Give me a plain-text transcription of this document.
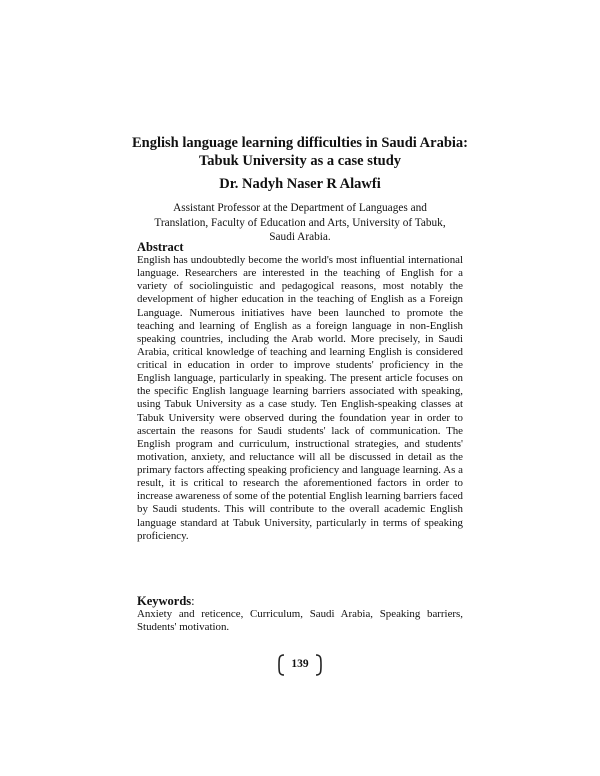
English language learning difficulties in Saudi Arabia:
Tabuk University as a case study
Dr. Nadyh Naser R Alawfi
Assistant Professor at the Department of Languages and
Translation, Faculty of Education and Arts, University of Tabuk,
Saudi Arabia.
Abstract

English has undoubtedly become the world's most influential international language. Researchers are interested in the teaching of English for a variety of sociolinguistic and pedagogical reasons, most notably the development of higher education in the teaching of English as a Foreign Language. Numerous initiatives have been launched to promote the teaching and learning of English as a foreign language in non-English speaking countries, including the Arab world. More precisely, in Saudi Arabia, critical knowledge of teaching and learning English is considered critical in education in order to improve students' proficiency in the English language, particularly in speaking. The present article focuses on the specific English language learning barriers associated with speaking, using Tabuk University as a case study. Ten English-speaking classes at Tabuk University were observed during the foundation year in order to ascertain the reasons for Saudi students' lack of communication. The English program and curriculum, instructional strategies, and students' motivation, anxiety, and reluctance will all be discussed in detail as the primary factors affecting speaking proficiency and language learning. As a result, it is critical to research the aforementioned factors in order to increase awareness of some of the potential English learning barriers faced by Saudi students. This will contribute to the overall academic English language standard at Tabuk University, particularly in terms of speaking proficiency.

Keywords:

Anxiety and reticence, Curriculum, Saudi Arabia, Speaking barriers, Students' motivation.

139
